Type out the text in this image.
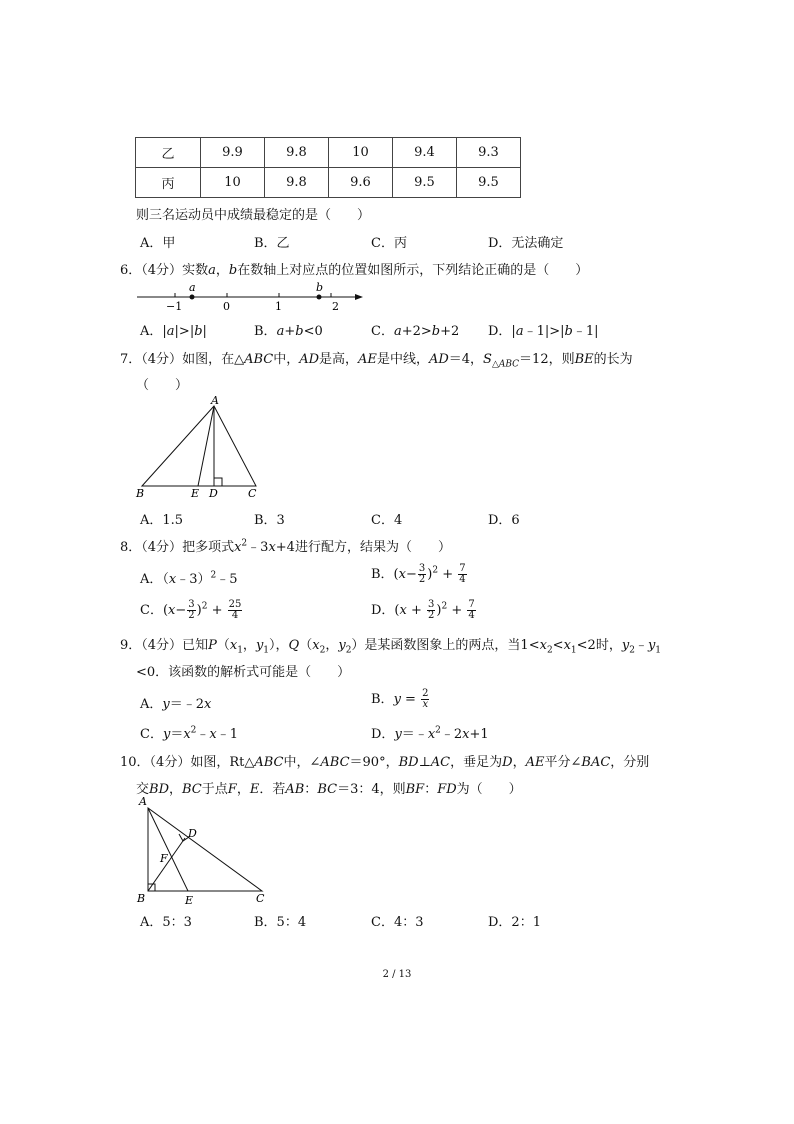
乙	9.9	9.8	10	9.4	9.3
丙	10	9.8	9.6	9.5	9.5
则三名运动员中成绩最稳定的是（　　）
A．甲	B．乙	C．丙	D．无法确定
6．（4分）实数a，b在数轴上对应点的位置如图所示，下列结论正确的是（　　）
a	b
−1	0	1	2
A．|a|>|b|	B．a+b<0	C．a+2>b+2 D．|a﹣1|>|b﹣1|
7．（4分）如图，在△ABC中，AD是高，AE是中线，AD＝4，$S_{\triangle ABC}=12$，则BE的长为
（　　）
A
B	E D	C
A．1.5	B．3	C．4	D．6
8．（4分）把多项式$x^2﹣3x+4$进行配方，结果为（　　）
A．（x﹣3）$^2$﹣5	B．$(x- \frac{3}{2} )^2 + \frac{7}{4}$
C．$(x- \frac{3}{2} )^2 + \frac{25}{4}$	D．$(x + \frac{3}{2} )^2 + \frac{7}{4}$
9．（4分）已知$P(x_1$，$y_1$），$Q(x_2$，$y_2$）是某函数图象上的两点，当$1<x_2<x_1<2$时，$y_2﹣y_1$
<0．该函数的解析式可能是（　　）
A．y＝﹣2x	B．$y = \frac{2}{x}$
C．$y=x^2﹣x﹣1$	D．$y=﹣x^2﹣2x+1$
10．（4分）如图，Rt△ABC中，∠ABC＝90°，BD⊥AC，垂足为D，AE平分∠BAC，分别
交BD，BC于点F，E．若AB：BC＝3：4，则BF：FD为（　　）
A
D
F
B	E	C
A．5：3	B．5：4	C．4：3	D．2：1
2 / 13
